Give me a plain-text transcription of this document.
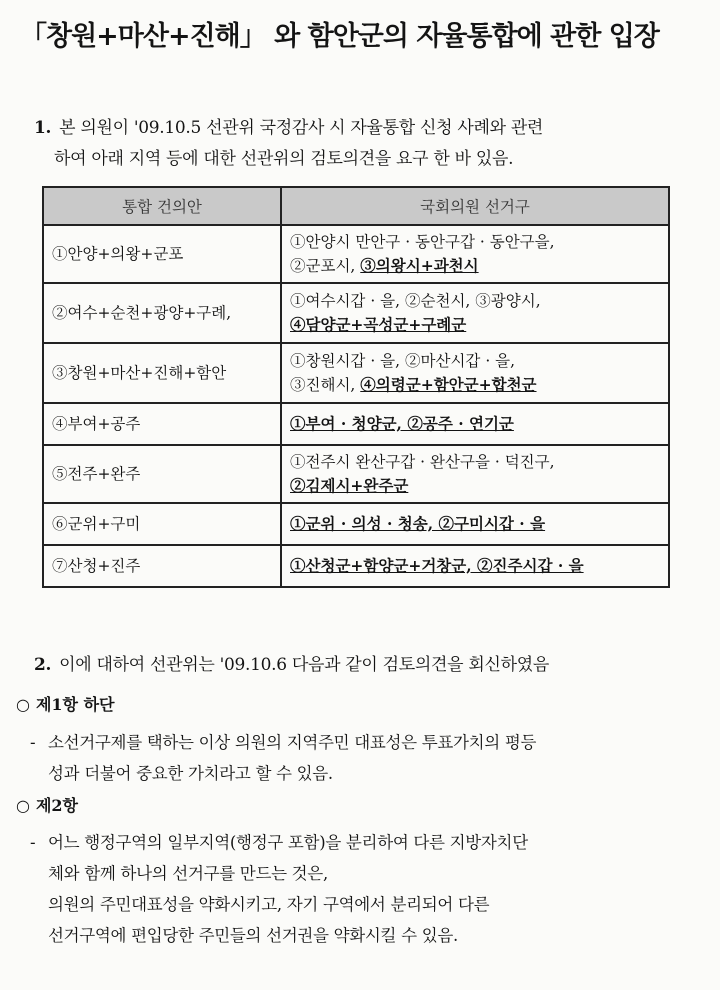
「창원+마산+진해」 와 함안군의 자율통합에 관한 입장
1. 본 의원이 '09.10.5 선관위 국정감사 시 자율통합 신청 사례와 관련
하여 아래 지역 등에 대한 선관위의 검토의견을 요구 한 바 있음.
통합 건의안	국회의원 선거구
①안양+의왕+군포	①안양시 만안구 · 동안구갑 · 동안구을,
②군포시, ③의왕시+과천시
②여수+순천+광양+구례,	①여수시갑 · 을, ②순천시, ③광양시,
④담양군+곡성군+구례군
③창원+마산+진해+함안	①창원시갑 · 을, ②마산시갑 · 을,
③진해시, ④의령군+함안군+합천군
④부여+공주	①부여 · 청양군, ②공주 · 연기군
⑤전주+완주	①전주시 완산구갑 · 완산구을 · 덕진구,
②김제시+완주군
⑥군위+구미	①군위 · 의성 · 청송, ②구미시갑 · 을
⑦산청+진주	①산청군+함양군+거창군, ②진주시갑 · 을
2. 이에 대하여 선관위는 '09.10.6 다음과 같이 검토의견을 회신하였음
○ 제1항 하단
- 소선거구제를 택하는 이상 의원의 지역주민 대표성은 투표가치의 평등
성과 더불어 중요한 가치라고 할 수 있음.
○ 제2항
- 어느 행정구역의 일부지역(행정구 포함)을 분리하여 다른 지방자치단
체와 함께 하나의 선거구를 만드는 것은,
의원의 주민대표성을 약화시키고, 자기 구역에서 분리되어 다른
선거구역에 편입당한 주민들의 선거권을 약화시킬 수 있음.
